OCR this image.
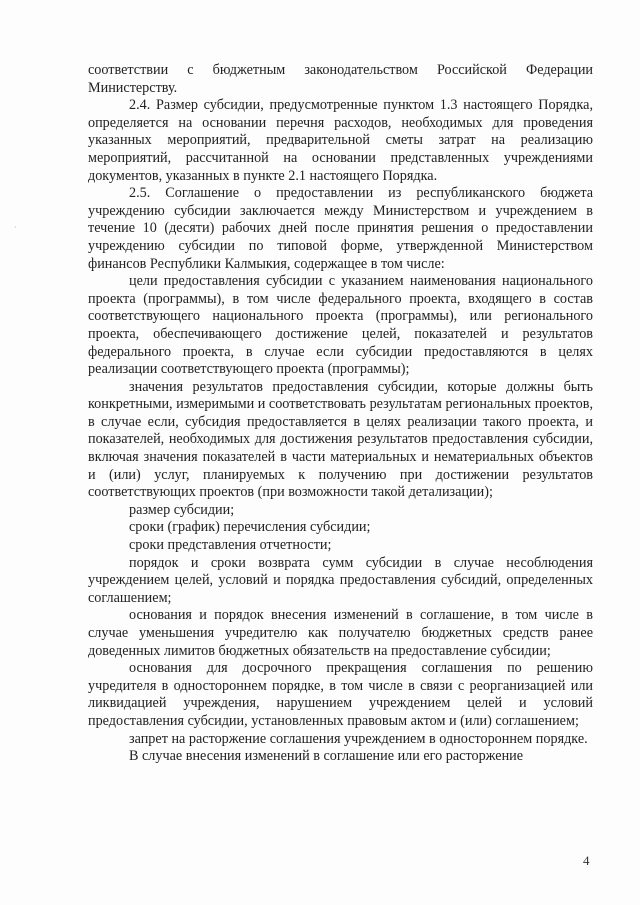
соответствии с бюджетным законодательством Российской Федерации Министерству.

2.4. Размер субсидии, предусмотренные пунктом 1.3 настоящего Порядка, определяется на основании перечня расходов, необходимых для проведения указанных мероприятий, предварительной сметы затрат на реализацию мероприятий, рассчитанной на основании представленных учреждениями документов, указанных в пункте 2.1 настоящего Порядка.

2.5. Соглашение о предоставлении из республиканского бюджета учреждению субсидии заключается между Министерством и учреждением в течение 10 (десяти) рабочих дней после принятия решения о предоставлении учреждению субсидии по типовой форме, утвержденной Министерством финансов Республики Калмыкия, содержащее в том числе:

цели предоставления субсидии с указанием наименования национального проекта (программы), в том числе федерального проекта, входящего в состав соответствующего национального проекта (программы), или регионального проекта, обеспечивающего достижение целей, показателей и результатов федерального проекта, в случае если субсидии предоставляются в целях реализации соответствующего проекта (программы);

значения результатов предоставления субсидии, которые должны быть конкретными, измеримыми и соответствовать результатам региональных проектов, в случае если, субсидия предоставляется в целях реализации такого проекта, и показателей, необходимых для достижения результатов предоставления субсидии, включая значения показателей в части материальных и нематериальных объектов и (или) услуг, планируемых к получению при достижении результатов соответствующих проектов (при возможности такой детализации);

размер субсидии;

сроки (график) перечисления субсидии;

сроки представления отчетности;

порядок и сроки возврата сумм субсидии в случае несоблюдения учреждением целей, условий и порядка предоставления субсидий, определенных соглашением;

основания и порядок внесения изменений в соглашение, в том числе в случае уменьшения учредителю как получателю бюджетных средств ранее доведенных лимитов бюджетных обязательств на предоставление субсидии;

основания для досрочного прекращения соглашения по решению учредителя в одностороннем порядке, в том числе в связи с реорганизацией или ликвидацией учреждения, нарушением учреждением целей и условий предоставления субсидии, установленных правовым актом и (или) соглашением;

запрет на расторжение соглашения учреждением в одностороннем порядке.

В случае внесения изменений в соглашение или его расторжение

·
4
